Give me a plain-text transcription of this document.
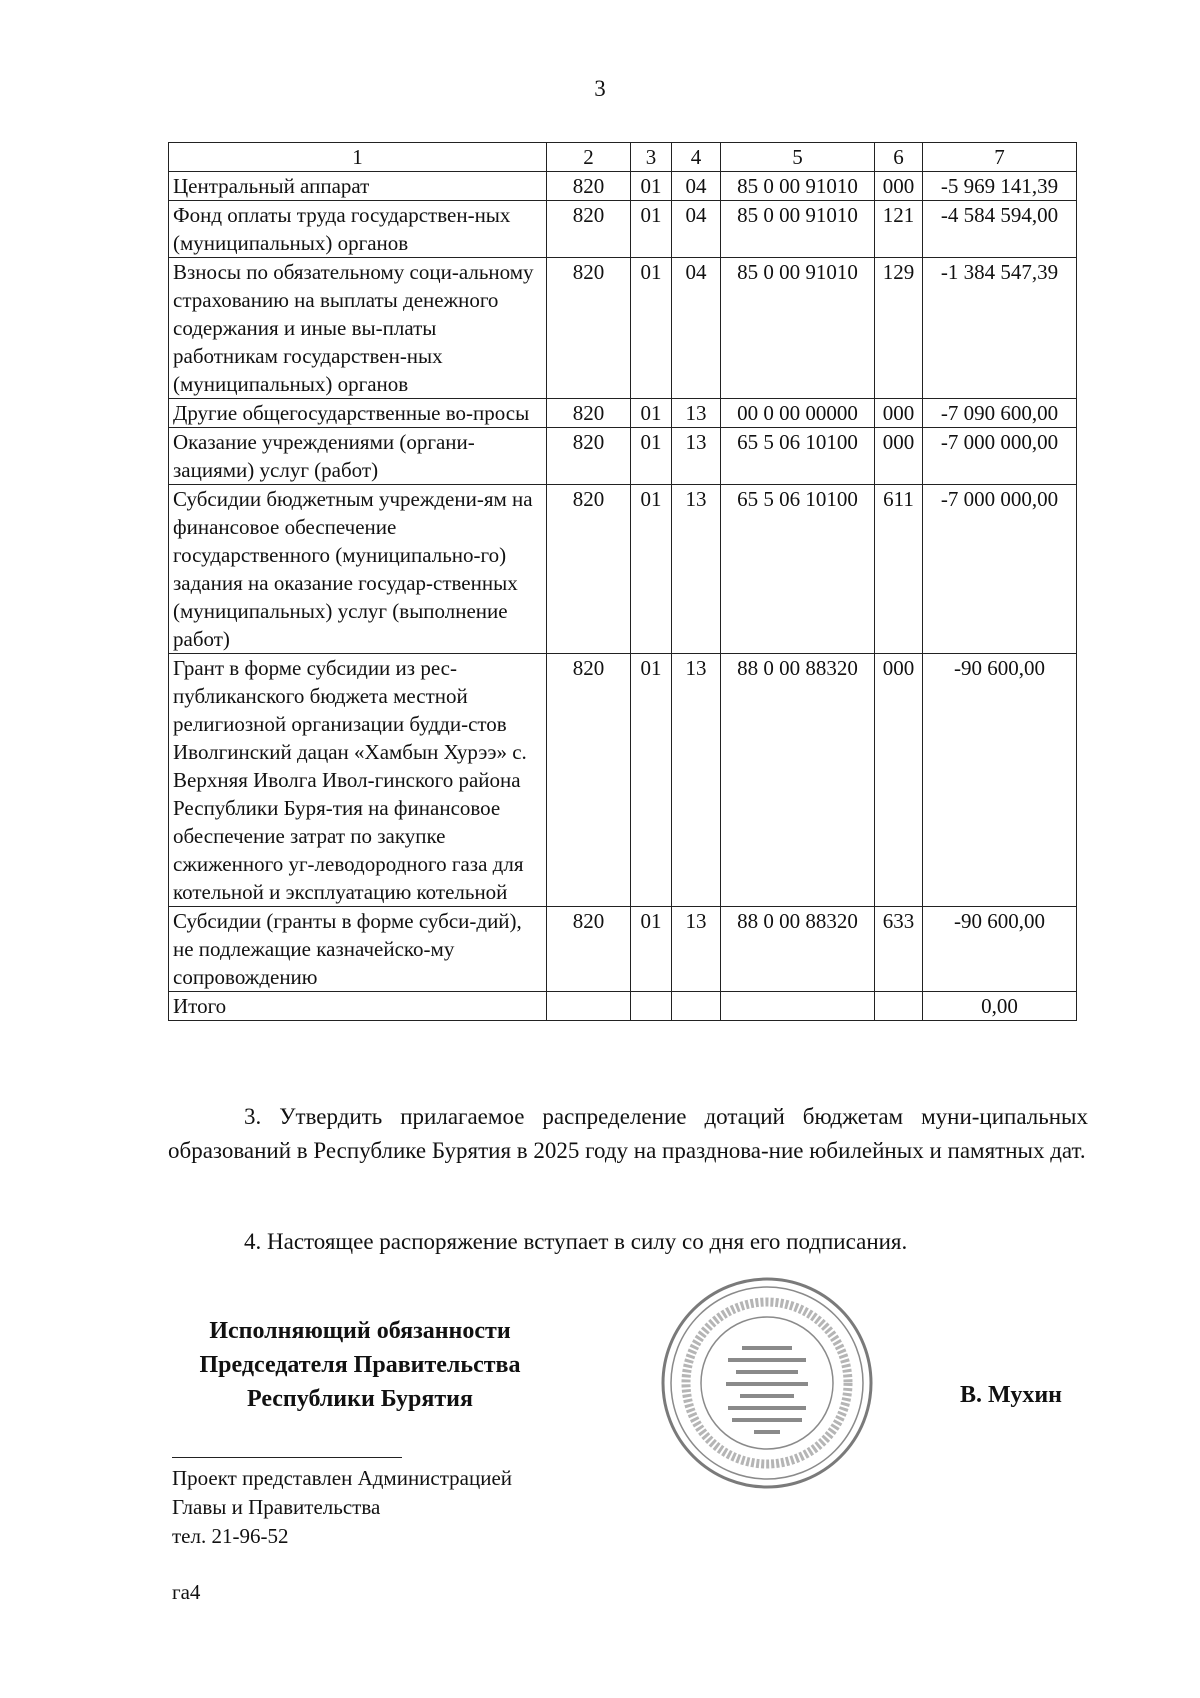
3
1	2	3	4	5	6	7
Центральный аппарат	820	01	04	85 0 00 91010	000	-5 969 141,39
Фонд оплаты труда государствен-ных (муниципальных) органов	820	01	04	85 0 00 91010	121	-4 584 594,00
Взносы по обязательному соци-альному страхованию на выплаты денежного содержания и иные вы-платы работникам государствен-ных (муниципальных) органов	820	01	04	85 0 00 91010	129	-1 384 547,39
Другие общегосударственные во-просы	820	01	13	00 0 00 00000	000	-7 090 600,00
Оказание учреждениями (органи-зациями) услуг (работ)	820	01	13	65 5 06 10100	000	-7 000 000,00
Субсидии бюджетным учреждени-ям на финансовое обеспечение государственного (муниципально-го) задания на оказание государ-ственных (муниципальных) услуг (выполнение работ)	820	01	13	65 5 06 10100	611	-7 000 000,00
Грант в форме субсидии из рес-публиканского бюджета местной религиозной организации будди-стов Иволгинский дацан «Хамбын Хурээ» с. Верхняя Иволга Ивол-гинского района Республики Буря-тия на финансовое обеспечение затрат по закупке сжиженного уг-леводородного газа для котельной и эксплуатацию котельной	820	01	13	88 0 00 88320	000	-90 600,00
Субсидии (гранты в форме субси-дий), не подлежащие казначейско-му сопровождению	820	01	13	88 0 00 88320	633	-90 600,00
Итого						0,00
3. Утвердить прилагаемое распределение дотаций бюджетам муни-ципальных образований в Республике Бурятия в 2025 году на празднова-ние юбилейных и памятных дат.
4. Настоящее распоряжение вступает в силу со дня его подписания.
Исполняющий обязанности
Председателя Правительства
Республики Бурятия	В. Мухин
Проект представлен Администрацией
Главы и Правительства
тел. 21-96-52
га4
